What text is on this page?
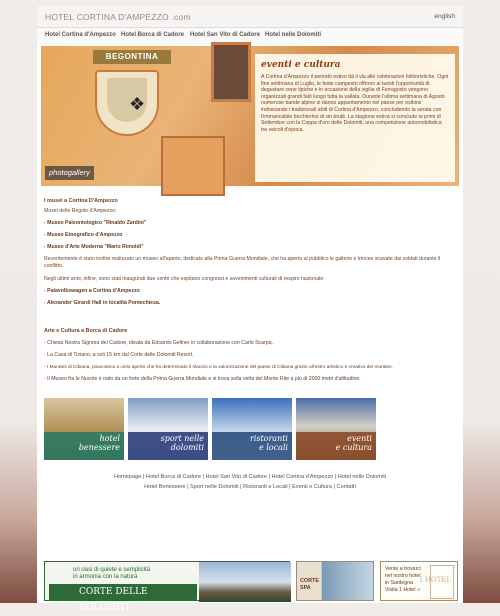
HOTEL CORTINA D'AMPEZZO .com	english
Hotel Cortina d'Ampezzo Hotel Borca di Cadore Hotel San Vito di Cadore Hotel nelle Dolomiti
BEGONTINA
❖
photogallery
eventi e cultura

A Cortina d'Ampezzo il periodo estivo dà il via alle celebrazioni folkloristiche. Ogni fine settimana di Luglio, le feste campestri offrono ai turisti l'opportunità di degustare cene tipiche e in occasione della vigilia di Ferragosto vengono organizzati grandi falò lungo tutta la vallata. Durante l'ultima settimana di Agosto numerose bande alpine si danno appuntamento nel paese per esibirsi indossando i tradizionali abiti di Cortina d'Ampezzo, concludendo la serata con l'immancabile bicchierino di vin brulè. La stagione estiva si conclude ai primi di Settembre con la Coppa d'oro delle Dolomiti, una competizione automobilistica tra veicoli d'epoca.

I musei a Cortina D'Ampezzo
Musei delle Regole d'Ampezzo:
- Museo Paleontologico "Rinaldo Zardini"
- Museo Etnografico d'Ampezzo
- Museo d'Arte Moderna "Mario Rimoldi"
Recentemente è stato inoltre realizzato un museo all'aperto, dedicato alla Prima Guerra Mondiale, che ha aperto al pubblico le gallerie e trincee scavate dai soldati durante il conflitto.
Negli ultimi anni, infine, sono stati inaugurati due centri che ospitano congressi e avvenimenti culturali di respiro nazionale:
- Palavolkswagen a Cortina d'Ampezzo
- Alexander Girardi Hall in località Pontechiesa.
Arte e Cultura a Borca di Cadore
- Chiesa Nostra Signora del Cadore, ideata da Edoardo Gellner in collaborazione con Carlo Scarpa.
- La Casa di Tiziano, a soli 15 km dal Corte delle Dolomiti Resort.
- I Murales di Cibiana, pinacoteca a cielo aperto che ha determinato il rilancio e la valorizzazione del paese di Cibiana grazie all'estro artistico e creativo dei murales.
- Il Museo fra le Nuvole è nato da un forte della Prima Guerra Mondiale e si trova sulla vetta del Monte Rite a più di 2000 metri d'altitudine.
hotel
benessere
sport nelle
dolomiti
ristoranti
e locali
eventi
e cultura
Homepage | Hotel Borca di Cadore | Hotel San Vito di Cadore | Hotel Cortina d'Ampezzo | Hotel nelle Dolomiti
Hotel Benessere | Sport nelle Dolomiti | Ristoranti e Locali | Eventi e Cultura | Contatti
un oasi di quiete e semplicità
in armonia con la natura
CORTE DELLE DOLOMITI
CORTE
SPA
Vente a trovarci
nel nostro hotel
in Sardegna
Visita 1 Hotel ››
I HOTEL
